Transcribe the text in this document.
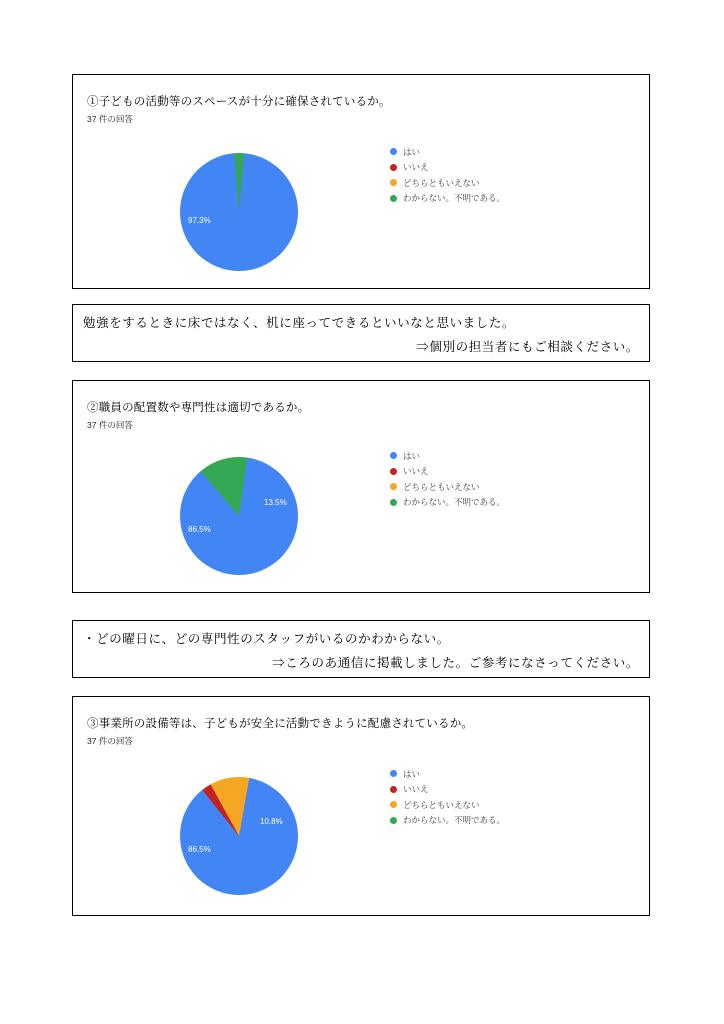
①子どもの活動等のスペースが十分に確保されているか。
37 件の回答
97.3%
はい
いいえ
どちらともいえない
わからない。不明である。
勉強をするときに床ではなく、机に座ってできるといいなと思いました。
⇒個別の担当者にもご相談ください。
②職員の配置数や専門性は適切であるか。
37 件の回答
86.5%
13.5%
はい
いいえ
どちらともいえない
わからない。不明である。
・どの曜日に、どの専門性のスタッフがいるのかわからない。
⇒ころのあ通信に掲載しました。ご参考になさってください。
③事業所の設備等は、子どもが安全に活動できように配慮されているか。
37 件の回答
86.5%
10.8%
はい
いいえ
どちらともいえない
わからない。不明である。
